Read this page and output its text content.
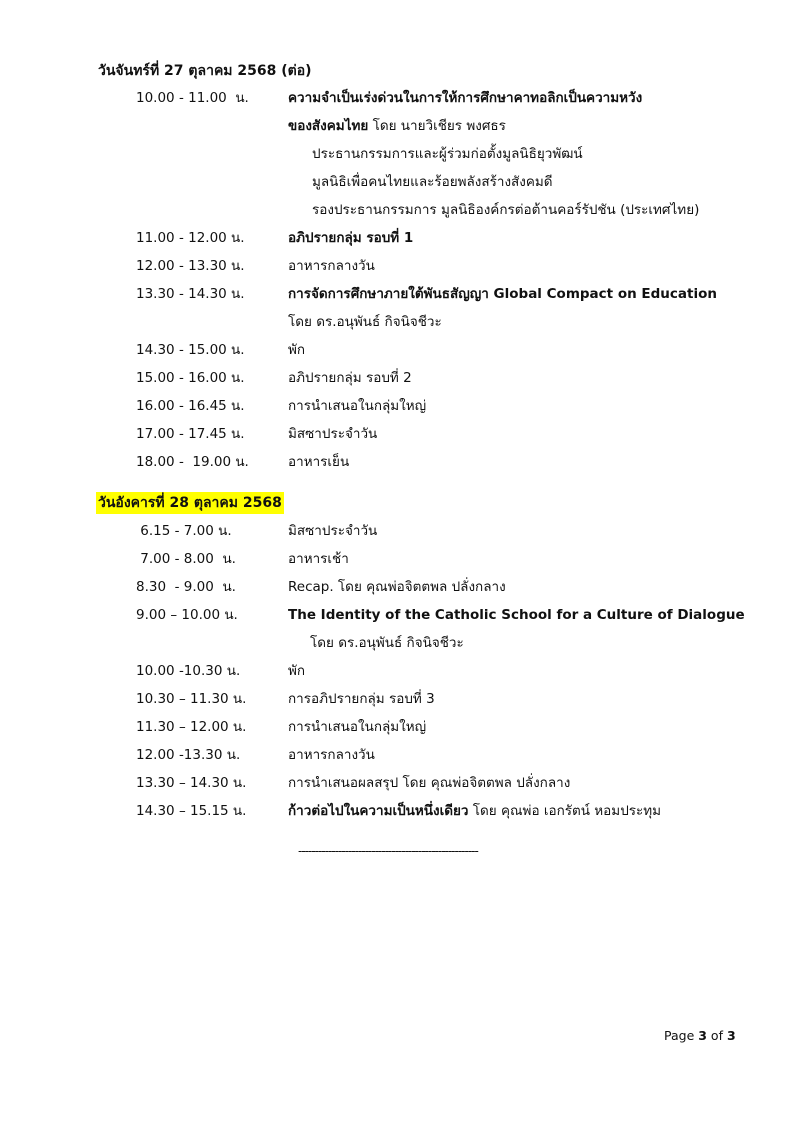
วันจันทร์ที่ 27 ตุลาคม 2568 (ต่อ)
10.00 - 11.00  น.	ความจำเป็นเร่งด่วนในการให้การศึกษาคาทอลิกเป็นความหวัง
ของสังคมไทย โดย นายวิเชียร พงศธร
ประธานกรรมการและผู้ร่วมก่อตั้งมูลนิธิยุวพัฒน์
มูลนิธิเพื่อคนไทยและร้อยพลังสร้างสังคมดี
รองประธานกรรมการ มูลนิธิองค์กรต่อต้านคอร์รัปชัน (ประเทศไทย)
11.00 - 12.00 น.	อภิปรายกลุ่ม รอบที่ 1
12.00 - 13.30 น.	อาหารกลางวัน
13.30 - 14.30 น.	การจัดการศึกษาภายใต้พันธสัญญา Global Compact on Education
โดย ดร.อนุพันธ์ กิจนิจชีวะ
14.30 - 15.00 น.	พัก
15.00 - 16.00 น.	อภิปรายกลุ่ม รอบที่ 2
16.00 - 16.45 น.	การนำเสนอในกลุ่มใหญ่
17.00 - 17.45 น.	มิสซาประจำวัน
18.00 -  19.00 น.	อาหารเย็น
วันอังคารที่ 28 ตุลาคม 2568
6.15 - 7.00 น.	มิสซาประจำวัน
7.00 - 8.00  น.	อาหารเช้า
8.30  - 9.00  น.	Recap. โดย คุณพ่อจิตตพล ปลั่งกลาง
9.00 – 10.00 น.	The Identity of the Catholic School for a Culture of Dialogue
โดย ดร.อนุพันธ์ กิจนิจชีวะ
10.00 -10.30 น.	พัก
10.30 – 11.30 น.	การอภิปรายกลุ่ม รอบที่ 3
11.30 – 12.00 น.	การนำเสนอในกลุ่มใหญ่
12.00 -13.30 น.	อาหารกลางวัน
13.30 – 14.30 น.	การนำเสนอผลสรุป โดย คุณพ่อจิตตพล ปลั่งกลาง
14.30 – 15.15 น.	ก้าวต่อไปในความเป็นหนึ่งเดียว โดย คุณพ่อ เอกรัตน์ หอมประทุม
------------------------------------------------------
Page 3 of 3
